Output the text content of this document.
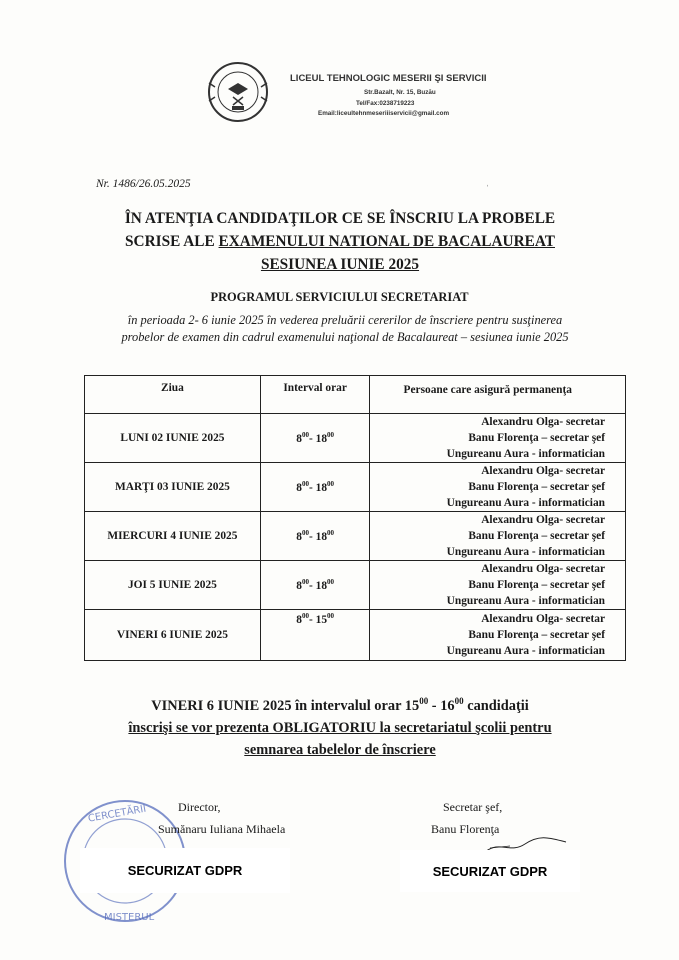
LICEUL TEHNOLOGIC MESERII ŞI SERVICII
Str.Bazalt, Nr. 15, Buzău
Tel/Fax:0238719223
Email:liceultehnmeseriiiservicii@gmail.com
Nr. 1486/26.05.2025	ˌ
ÎN ATENŢIA CANDIDAŢILOR CE SE ÎNSCRIU LA PROBELE
SCRISE ALE EXAMENULUI NATIONAL DE BACALAUREAT
SESIUNEA IUNIE 2025
PROGRAMUL SERVICIULUI SECRETARIAT
în perioada 2- 6 iunie 2025 în vederea preluării cererilor de înscriere pentru susţinerea probelor de examen din cadrul examenului naţional de Bacalaureat – sesiunea iunie 2025
Ziua	Interval orar	Persoane care asigură permanenţa
LUNI 02 IUNIE 2025	$8^{00}-$ $18^{00}$	Alexandru Olga- secretar
Banu Florenţa – secretar şef
Ungureanu Aura - informatician

MARŢI 03 IUNIE 2025	$8^{00}-$ $18^{00}$	Alexandru Olga- secretar
Banu Florenţa – secretar şef
Ungureanu Aura - informatician

MIERCURI 4 IUNIE 2025	$8^{00}-$ $18^{00}$	Alexandru Olga- secretar
Banu Florenţa – secretar şef
Ungureanu Aura - informatician

JOI 5 IUNIE 2025	$8^{00}-$ $18^{00}$	Alexandru Olga- secretar
Banu Florenţa – secretar şef
Ungureanu Aura - informatician

VINERI 6 IUNIE 2025	$8^{00}-$ $15^{00}$	Alexandru Olga- secretar
Banu Florenţa – secretar şef
Ungureanu Aura - informatician
VINERI 6 IUNIE 2025 în intervalul orar $15^{00} - 16^{00}$ candidaţii
înscrişi se vor prezenta OBLIGATORIU la secretariatul şcolii pentru
semnarea tabelelor de înscriere
CERCETĂRII
MISTERUL
Director,
Sumănaru Iuliana Mihaela
Secretar şef,
Banu Florenţa
SECURIZAT GDPR	SECURIZAT GDPR
